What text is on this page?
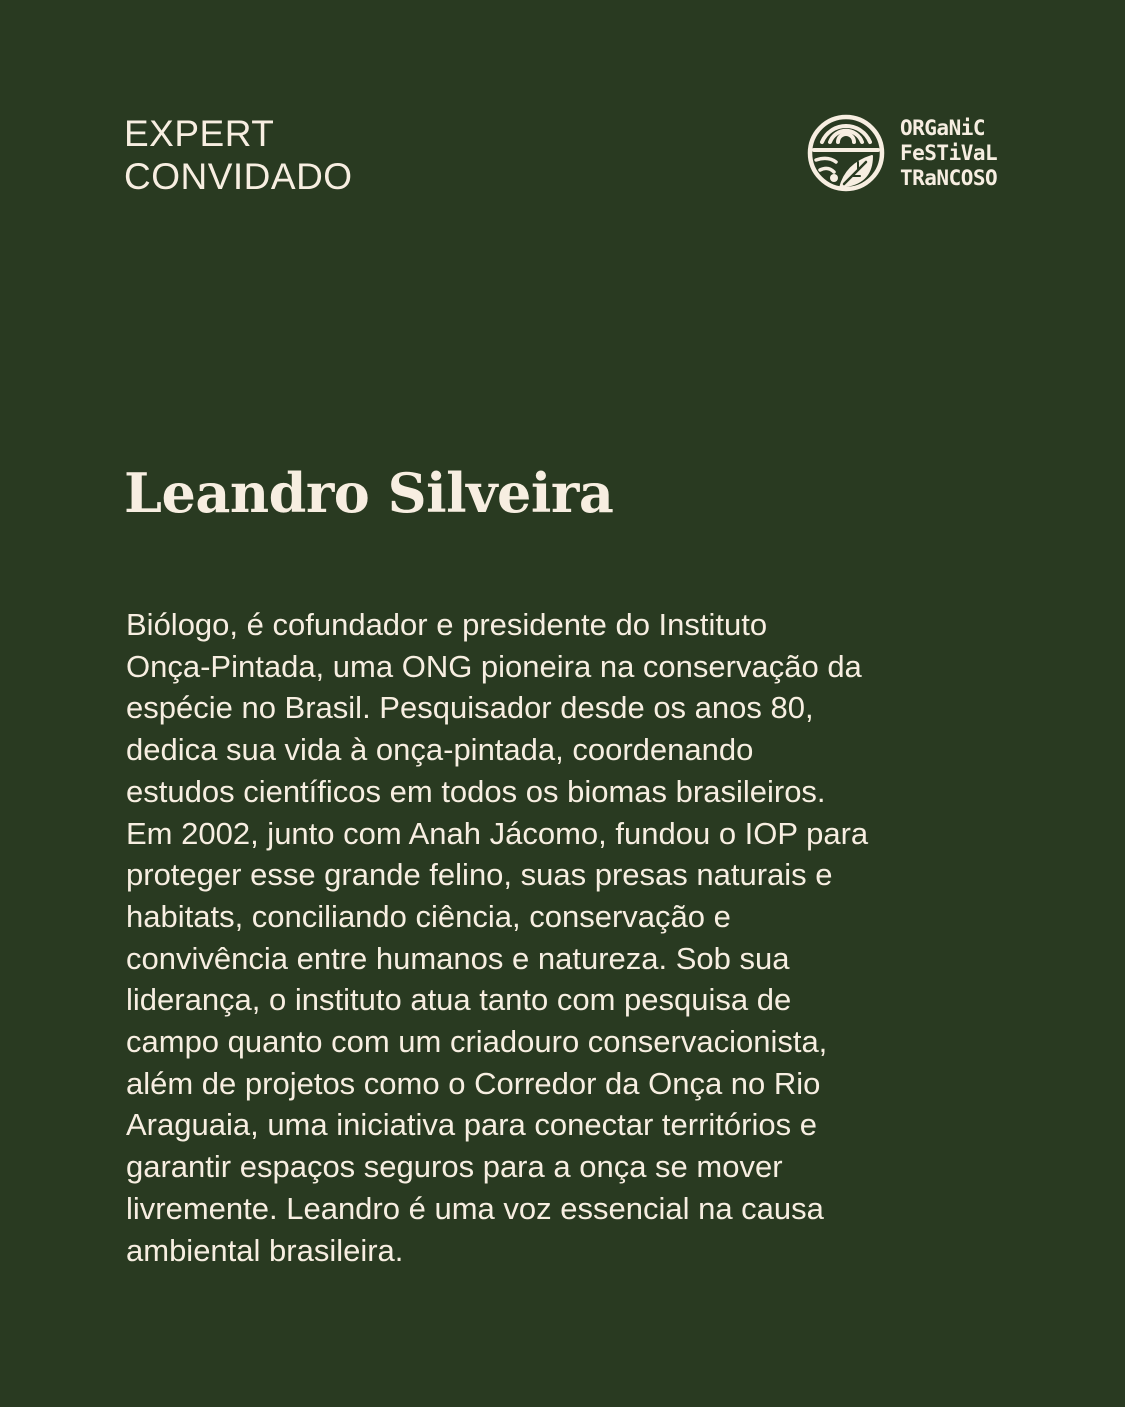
EXPERT
CONVIDADO
ORGaNiC
FeSTiVaL
TRaNCOSO
Leandro Silveira

Biólogo, é cofundador e presidente do Instituto
Onça-Pintada, uma ONG pioneira na conservação da
espécie no Brasil. Pesquisador desde os anos 80,
dedica sua vida à onça-pintada, coordenando
estudos científicos em todos os biomas brasileiros.
Em 2002, junto com Anah Jácomo, fundou o IOP para
proteger esse grande felino, suas presas naturais e
habitats, conciliando ciência, conservação e
convivência entre humanos e natureza. Sob sua
liderança, o instituto atua tanto com pesquisa de
campo quanto com um criadouro conservacionista,
além de projetos como o Corredor da Onça no Rio
Araguaia, uma iniciativa para conectar territórios e
garantir espaços seguros para a onça se mover
livremente. Leandro é uma voz essencial na causa
ambiental brasileira.
